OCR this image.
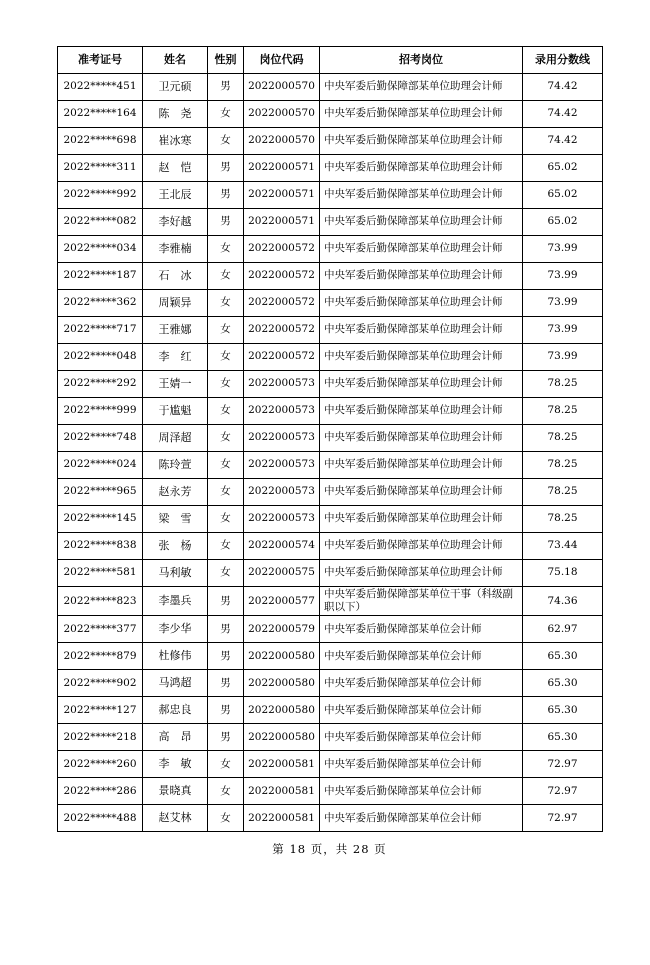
准考证号	姓名	性别	岗位代码	招考岗位	录用分数线
2022*****451	卫元硕	男	2022000570	中央军委后勤保障部某单位助理会计师	74.42
2022*****164	陈　尧	女	2022000570	中央军委后勤保障部某单位助理会计师	74.42
2022*****698	崔冰寒	女	2022000570	中央军委后勤保障部某单位助理会计师	74.42
2022*****311	赵　恺	男	2022000571	中央军委后勤保障部某单位助理会计师	65.02
2022*****992	王北辰	男	2022000571	中央军委后勤保障部某单位助理会计师	65.02
2022*****082	李好越	男	2022000571	中央军委后勤保障部某单位助理会计师	65.02
2022*****034	李雅楠	女	2022000572	中央军委后勤保障部某单位助理会计师	73.99
2022*****187	石　冰	女	2022000572	中央军委后勤保障部某单位助理会计师	73.99
2022*****362	周颖异	女	2022000572	中央军委后勤保障部某单位助理会计师	73.99
2022*****717	王雅娜	女	2022000572	中央军委后勤保障部某单位助理会计师	73.99
2022*****048	李　红	女	2022000572	中央军委后勤保障部某单位助理会计师	73.99
2022*****292	王婧一	女	2022000573	中央军委后勤保障部某单位助理会计师	78.25
2022*****999	于尴魁	女	2022000573	中央军委后勤保障部某单位助理会计师	78.25
2022*****748	周泽超	女	2022000573	中央军委后勤保障部某单位助理会计师	78.25
2022*****024	陈玲萱	女	2022000573	中央军委后勤保障部某单位助理会计师	78.25
2022*****965	赵永芳	女	2022000573	中央军委后勤保障部某单位助理会计师	78.25
2022*****145	梁　雪	女	2022000573	中央军委后勤保障部某单位助理会计师	78.25
2022*****838	张　杨	女	2022000574	中央军委后勤保障部某单位助理会计师	73.44
2022*****581	马利敏	女	2022000575	中央军委后勤保障部某单位助理会计师	75.18
2022*****823	李墨兵	男	2022000577	中央军委后勤保障部某单位干事（科级副职以下）	74.36
2022*****377	李少华	男	2022000579	中央军委后勤保障部某单位会计师	62.97
2022*****879	杜修伟	男	2022000580	中央军委后勤保障部某单位会计师	65.30
2022*****902	马鸿超	男	2022000580	中央军委后勤保障部某单位会计师	65.30
2022*****127	郝忠良	男	2022000580	中央军委后勤保障部某单位会计师	65.30
2022*****218	高　昂	男	2022000580	中央军委后勤保障部某单位会计师	65.30
2022*****260	李　敏	女	2022000581	中央军委后勤保障部某单位会计师	72.97
2022*****286	景晓真	女	2022000581	中央军委后勤保障部某单位会计师	72.97
2022*****488	赵艾林	女	2022000581	中央军委后勤保障部某单位会计师	72.97
第 18 页，共 28 页
